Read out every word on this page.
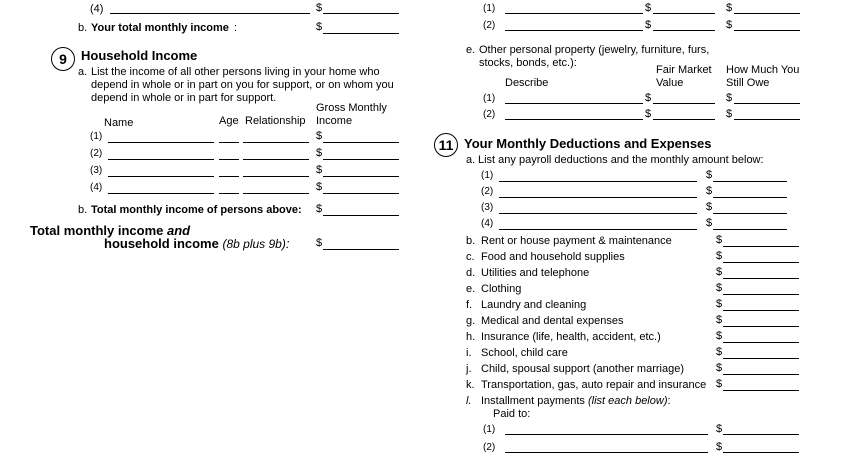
(4)	$
b. Your total monthly income :	$
9	Household Income
a. List the income of all other persons living in your home who
depend in whole or in part on you for support, or on whom you
depend in whole or in part for support.
Name	Age Relationship
Gross Monthly
Income
(1)	$
(2)	$
(3)	$
(4)	$
b. Total monthly income of persons above: $
Total monthly income and
household income (8b plus 9b): $
(1)	$	$
(2)	$	$
e. Other personal property (jewelry, furniture, furs,
stocks, bonds, etc.):
Fair Market How Much You
Describe	Value	Still Owe
(1)	$	$
(2)	$	$
11 Your Monthly Deductions and Expenses
a. List any payroll deductions and the monthly amount below:
(1)	$
(2)	$
(3)	$
(4)	$
b. Rent or house payment & maintenance	$
c. Food and household supplies	$
d. Utilities and telephone	$
e. Clothing	$
f. Laundry and cleaning	$
g. Medical and dental expenses	$
h. Insurance (life, health, accident, etc.)	$
i. School, child care	$
j. Child, spousal support (another marriage)	$
k. Transportation, gas, auto repair and insurance $
l. Installment payments (list each below):
Paid to:
(1)	$
(2)	$
